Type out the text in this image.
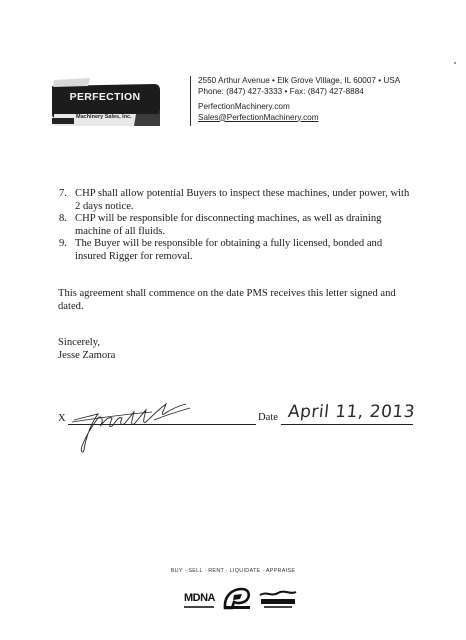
PERFECTION
Machinery Sales, Inc.
2550 Arthur Avenue • Elk Grove Village, IL 60007 • USA
Phone: (847) 427-3333 • Fax: (847) 427-8884
PerfectionMachinery.com
Sales@PerfectionMachinery.com
7. CHP shall allow potential Buyers to inspect these machines, under power, with 2 days notice.
8. CHP will be responsible for disconnecting machines, as well as draining machine of all fluids.
9. The Buyer will be responsible for obtaining a fully licensed, bonded and insured Rigger for removal.

This agreement shall commence on the date PMS receives this letter signed and dated.

Sincerely,
Jesse Zamora
X	Date April 11, 2013
BUY · SELL · RENT · LIQUIDATE · APPRAISE
MDNA
